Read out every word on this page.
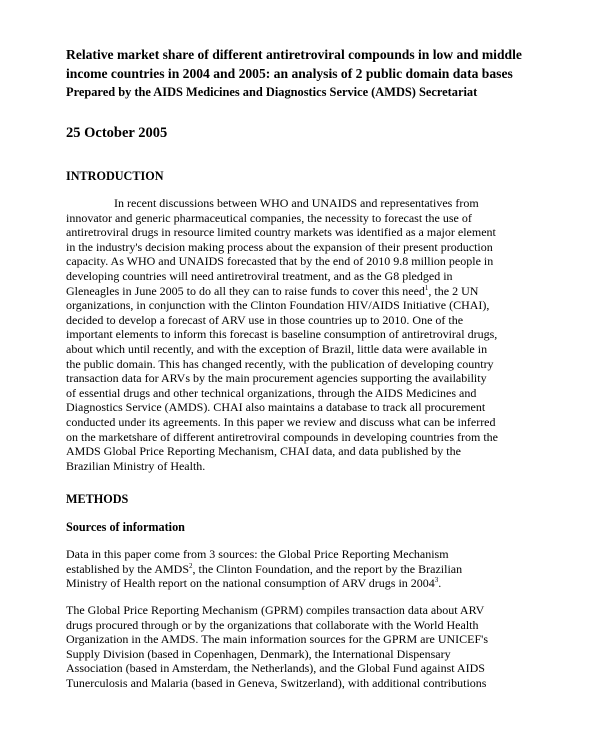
Relative market share of different antiretroviral compounds in low and middle income countries in 2004 and 2005: an analysis of 2 public domain data bases

Prepared by the AIDS Medicines and Diagnostics Service (AMDS) Secretariat

25 October 2005

INTRODUCTION

In recent discussions between WHO and UNAIDS and representatives from
innovator and generic pharmaceutical companies, the necessity to forecast the use of
antiretroviral drugs in resource limited country markets was identified as a major element
in the industry's decision making process about the expansion of their present production
capacity. As WHO and UNAIDS forecasted that by the end of 2010 9.8 million people in
developing countries will need antiretroviral treatment, and as the G8 pledged in
Gleneagles in June 2005 to do all they can to raise funds to cover this need$^1$, the 2 UN
organizations, in conjunction with the Clinton Foundation HIV/AIDS Initiative (CHAI),
decided to develop a forecast of ARV use in those countries up to 2010. One of the
important elements to inform this forecast is baseline consumption of antiretroviral drugs,
about which until recently, and with the exception of Brazil, little data were available in
the public domain. This has changed recently, with the publication of developing country
transaction data for ARVs by the main procurement agencies supporting the availability
of essential drugs and other technical organizations, through the AIDS Medicines and
Diagnostics Service (AMDS). CHAI also maintains a database to track all procurement
conducted under its agreements. In this paper we review and discuss what can be inferred
on the marketshare of different antiretroviral compounds in developing countries from the
AMDS Global Price Reporting Mechanism, CHAI data, and data published by the
Brazilian Ministry of Health.

METHODS

Sources of information

Data in this paper come from 3 sources: the Global Price Reporting Mechanism
established by the AMDS$^2$, the Clinton Foundation, and the report by the Brazilian
Ministry of Health report on the national consumption of ARV drugs in 2004$^3$.

The Global Price Reporting Mechanism (GPRM) compiles transaction data about ARV
drugs procured through or by the organizations that collaborate with the World Health
Organization in the AMDS. The main information sources for the GPRM are UNICEF's
Supply Division (based in Copenhagen, Denmark), the International Dispensary
Association (based in Amsterdam, the Netherlands), and the Global Fund against AIDS
Tunerculosis and Malaria (based in Geneva, Switzerland), with additional contributions
